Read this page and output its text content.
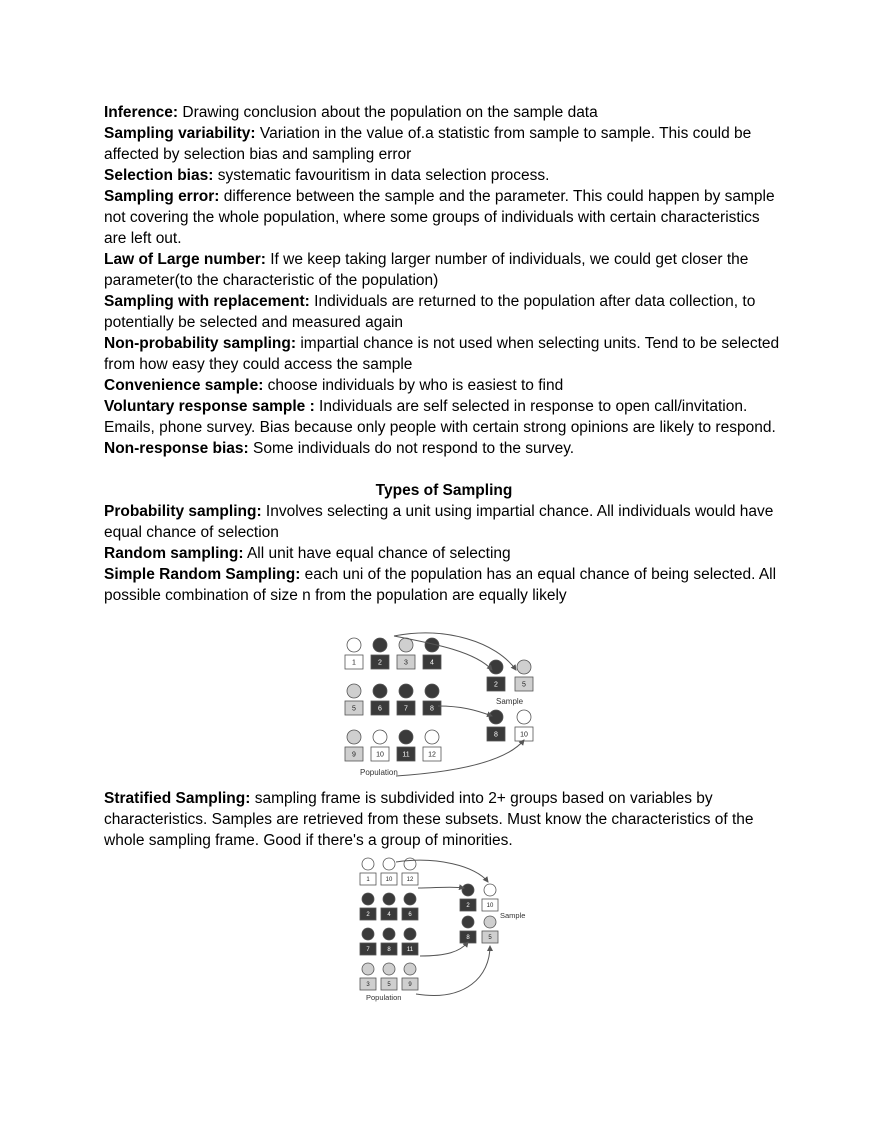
Inference: Drawing conclusion about the population on the sample data

Sampling variability: Variation in the value of.a statistic from sample to sample. This could be affected by selection bias and sampling error

Selection bias: systematic favouritism in data selection process.

Sampling error: difference between the sample and the parameter. This could happen by sample not covering the whole population, where some groups of individuals with certain characteristics are left out.

Law of Large number: If we keep taking larger number of individuals, we could get closer the parameter(to the characteristic of the population)

Sampling with replacement: Individuals are returned to the population after data collection, to potentially be selected and measured again

Non-probability sampling: impartial chance is not used when selecting units. Tend to be selected from how easy they could access the sample

Convenience sample: choose individuals by who is easiest to find

Voluntary response sample : Individuals are self selected in response to open call/invitation. Emails, phone survey. Bias because only people with certain strong opinions are likely to respond.

Non-response bias: Some individuals do not respond to the survey.

Types of Sampling

Probability sampling: Involves selecting a unit using impartial chance. All individuals would have equal chance of selection

Random sampling: All unit have equal chance of selecting

Simple Random Sampling: each uni of the population has an equal chance of being selected. All possible combination of size n from the population are equally likely

1	2	3	4
5	6	7	8
9	10	11	12
2	5
8	10
Population
Sample

Stratified Sampling: sampling frame is subdivided into 2+ groups based on variables by characteristics. Samples are retrieved from these subsets. Must know the characteristics of the whole sampling frame. Good if there's a group of minorities.

1	10 12
2	4	6
7	8	11
3	5	9
2	10
8	5
Population
Sample
